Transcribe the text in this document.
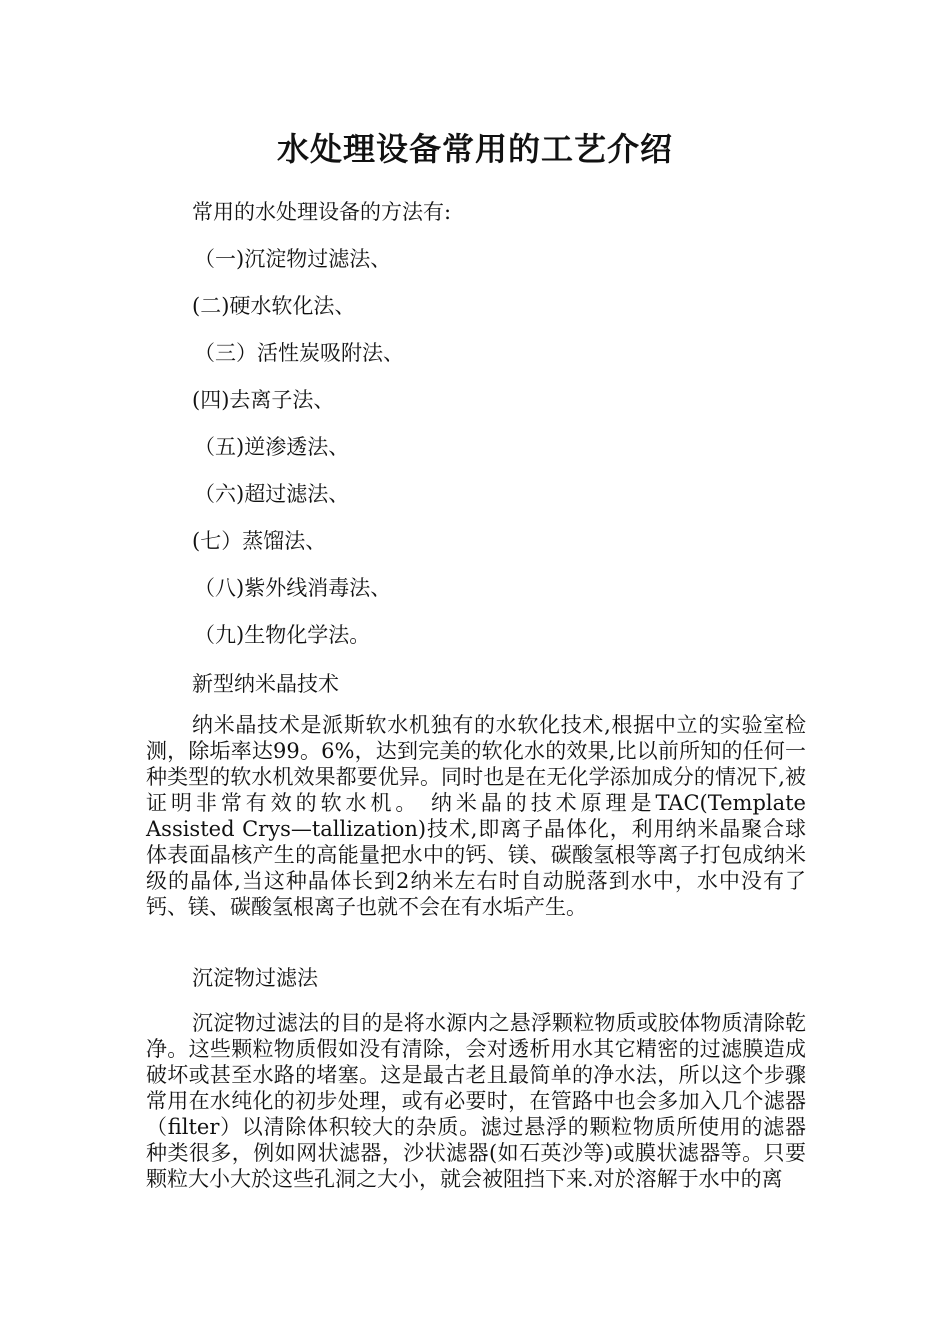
水处理设备常用的工艺介绍

常用的水处理设备的方法有:

（一)沉淀物过滤法、

(二)硬水软化法、

（三）活性炭吸附法、

(四)去离子法、

（五)逆渗透法、

（六)超过滤法、

(七）蒸馏法、

（八)紫外线消毒法、

（九)生物化学法。

新型纳米晶技术

纳米晶技术是派斯软水机独有的水软化技术,根据中立的实验室检测，除垢率达99。6%，达到完美的软化水的效果,比以前所知的任何一种类型的软水机效果都要优异。同时也是在无化学添加成分的情况下,被证明非常有效的软水机。 纳米晶的技术原理是TAC(Template Assisted Crys—tallization)技术,即离子晶体化，利用纳米晶聚合球体表面晶核产生的高能量把水中的钙、镁、碳酸氢根等离子打包成纳米级的晶体,当这种晶体长到2纳米左右时自动脱落到水中，水中没有了钙、镁、碳酸氢根离子也就不会在有水垢产生。

沉淀物过滤法

沉淀物过滤法的目的是将水源内之悬浮颗粒物质或胶体物质清除乾净。这些颗粒物质假如没有清除，会对透析用水其它精密的过滤膜造成破坏或甚至水路的堵塞。这是最古老且最简单的净水法，所以这个步骤常用在水纯化的初步处理，或有必要时，在管路中也会多加入几个滤器（filter）以清除体积较大的杂质。滤过悬浮的颗粒物质所使用的滤器种类很多，例如网状滤器，沙状滤器(如石英沙等)或膜状滤器等。只要颗粒大小大於这些孔洞之大小，就会被阻挡下来.对於溶解于水中的离
